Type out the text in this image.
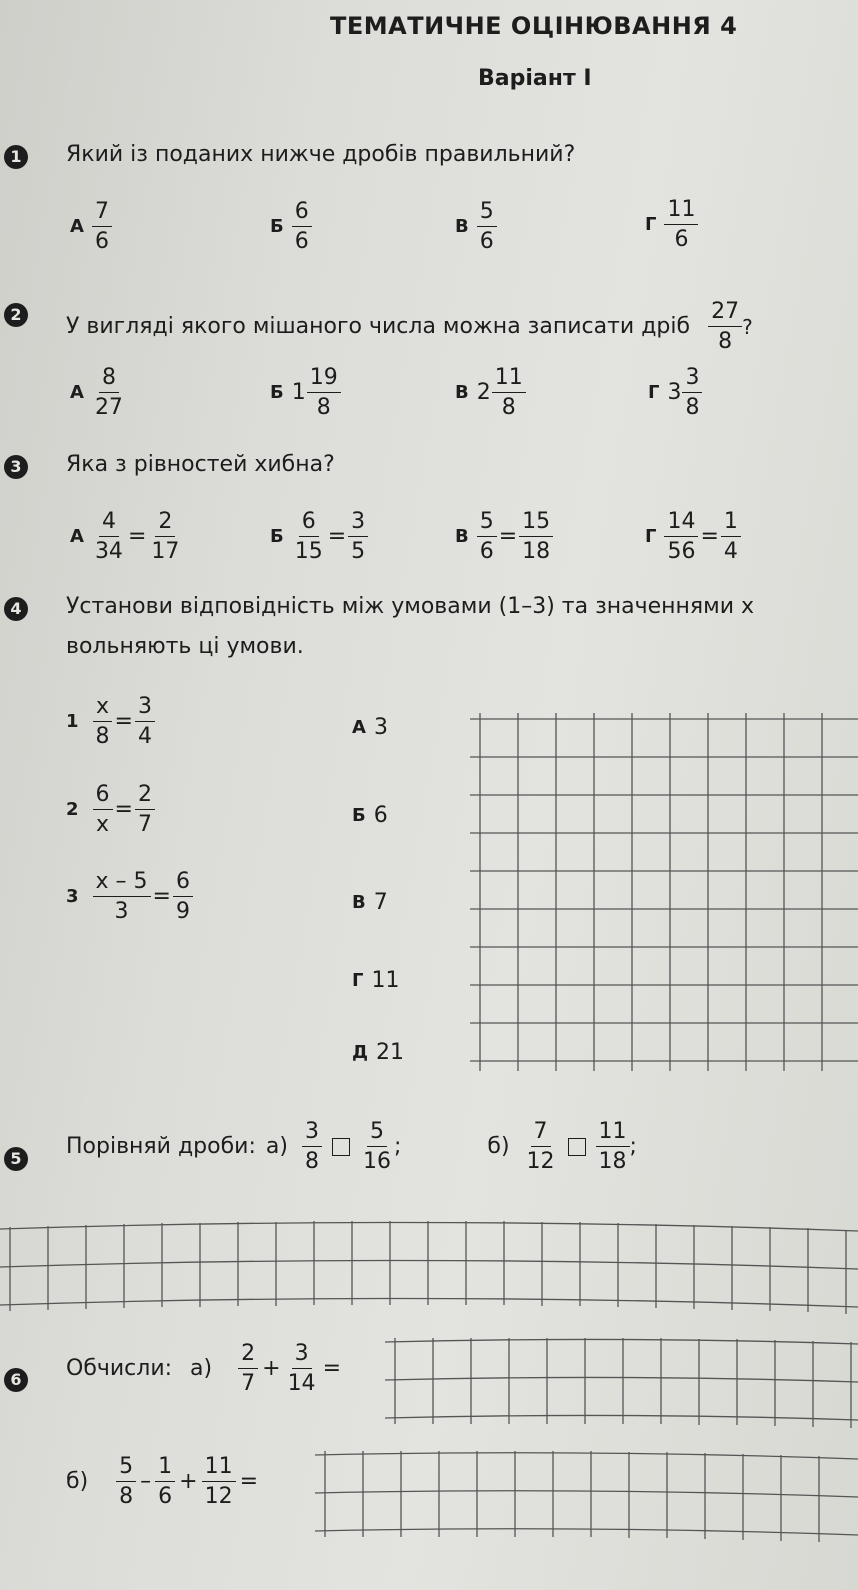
ТЕМАТИЧНЕ ОЦІНЮВАННЯ 4
Варіант І
1 Який із поданих нижче дробів правильний?
А $\frac{7}{6}$	Б $\frac{6}{6}$	В $\frac{5}{6}$	Г $\frac{11}{6}$
2 У вигляді якого мішаного числа можна записати дріб $\frac{27}{8}$ ?
А $\frac{8}{27}$	Б $1 \frac{19}{8}$	В $2 \frac{11}{8}$	Г $3 \frac{3}{8}$
3 Яка з рівностей хибна?
А $\frac{4}{34} = \frac{2}{17}$	Б $\frac{6}{15} = \frac{3}{5}$	В $\frac{5}{6} = \frac{15}{18}$	Г $\frac{14}{56} = \frac{1}{4}$
4 Установи відповідність між умовами (1–3) та значеннями х
вольняють ці умови.
$1 \frac{x}{8} = \frac{3}{4}$
$2 \frac{6}{x} = \frac{2}{7}$
$3 \frac{x - 5}{3} = \frac{6}{9}$
А 3
Б 6
В 7
Г 11
Д 21
5 Порівняй дроби: $а) \frac{3}{8} \frac{5}{16}$ ;	$б) \frac{7}{12} \frac{11}{18}$ ;
6 Обчисли: $а) \frac{2}{7} + \frac{3}{14}$ =
$б) \frac{5}{8} - \frac{1}{6} + \frac{11}{12}$ =
